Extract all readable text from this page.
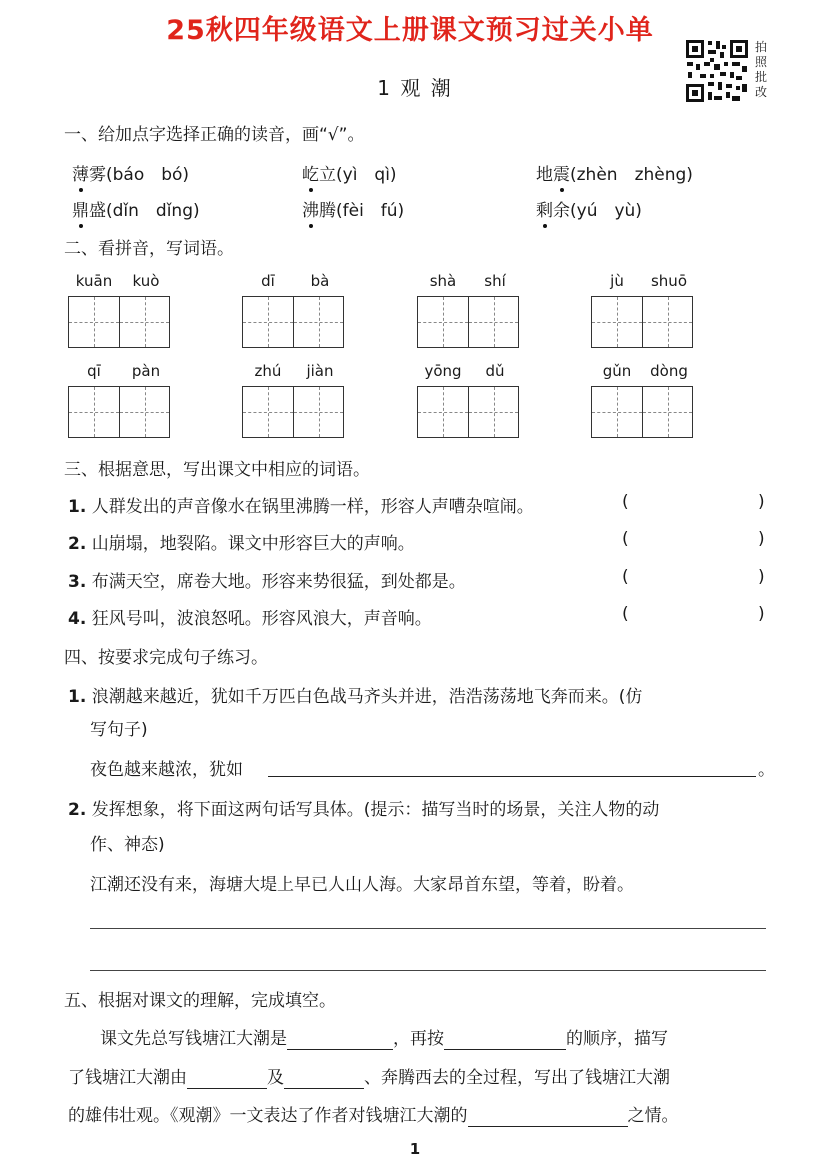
25秋四年级语文上册课文预习过关小单
拍照批改
1 观 潮
一、给加点字选择正确的读音，画“√”。
薄雾(báo　bó)	屹立(yì　qì)	地震(zhèn　zhèng)
鼎盛(dǐn　dǐng)	沸腾(fèi　fú)	剩余(yú　yù)
二、看拼音，写词语。
kuān	kuò	dī	bà	shà	shí	jù	shuō
qī	pàn	zhú	jiàn	yōng	dǔ	gǔn	dòng
三、根据意思，写出课文中相应的词语。
1. 人群发出的声音像水在锅里沸腾一样，形容人声嘈杂喧闹。	(	)
2. 山崩塌，地裂陷。课文中形容巨大的声响。	(	)
3. 布满天空，席卷大地。形容来势很猛，到处都是。	(	)
4. 狂风号叫，波浪怒吼。形容风浪大，声音响。	(	)
四、按要求完成句子练习。
1. 浪潮越来越近，犹如千万匹白色战马齐头并进，浩浩荡荡地飞奔而来。(仿
写句子)
夜色越来越浓，犹如	。
2. 发挥想象，将下面这两句话写具体。(提示：描写当时的场景，关注人物的动
作、神态)
江潮还没有来，海塘大堤上早已人山人海。大家昂首东望，等着，盼着。
五、根据对课文的理解，完成填空。
课文先总写钱塘江大潮是	，再按	的顺序，描写
了钱塘江大潮由	及	、奔腾西去的全过程，写出了钱塘江大潮
的雄伟壮观。《观潮》一文表达了作者对钱塘江大潮的	之情。
1
